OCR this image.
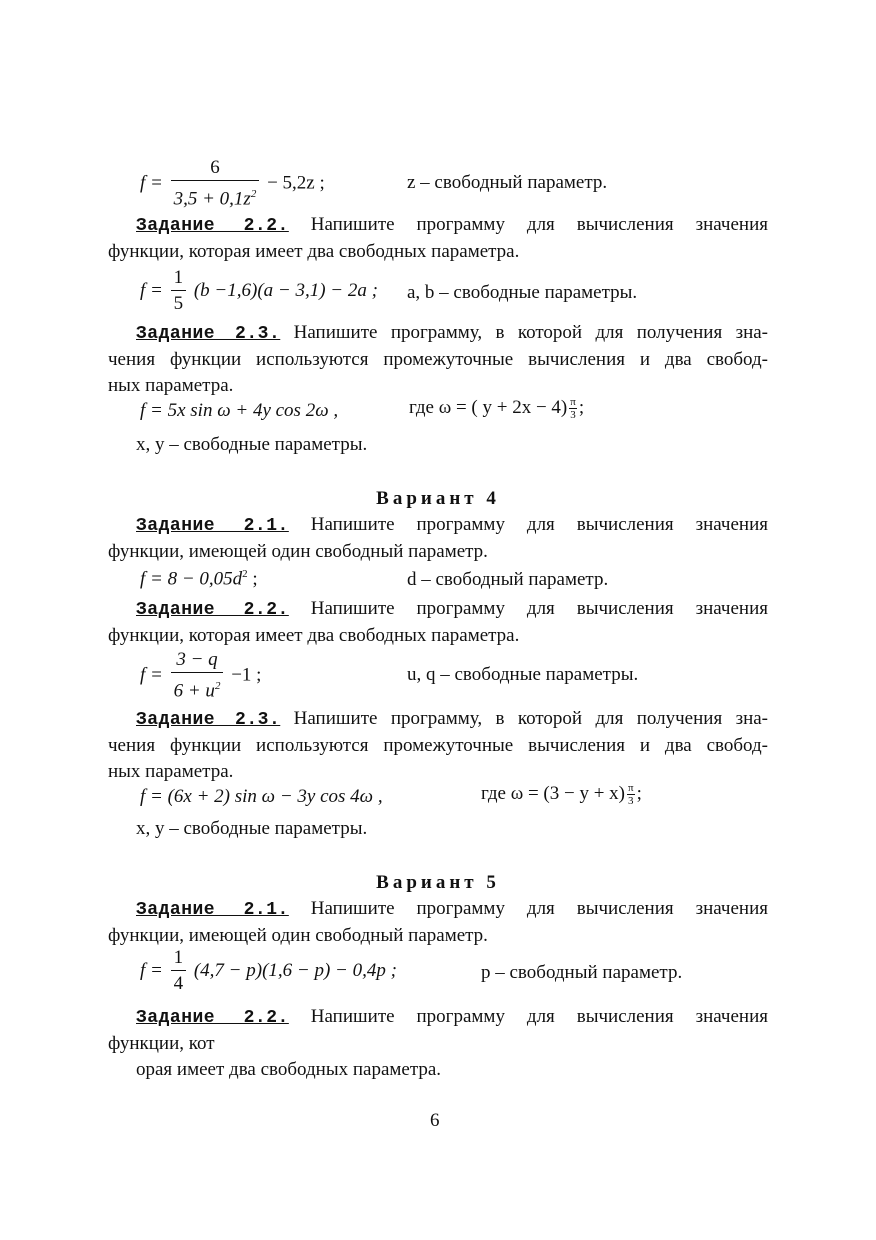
$f = \frac{6}{3,5 + 0,1z^2} - 5,2z$ ;	z – свободный параметр.

Задание 2.2. Напишите программу для вычисления значения

функции, которая имеет два свободных параметра.

$f = \frac{1}{5} (b -1,6)(a - 3,1) - 2a$ ; a, b – свободные параметры.

Задание 2.3. Напишите программу, в которой для получения зна-

чения функции используются промежуточные вычисления и два свобод-

ных параметра.

f = 5x sin ω + 4y cos 2ω ,	где ω = ( $y + 2x - 4) \frac{\pi}{3}$ ;
x, y – свободные параметры.
Вариант 4

Задание 2.1. Напишите программу для вычисления значения

функции, имеющей один свободный параметр.

$f = 8 - 0,05d^2$ ;	d – свободный параметр.

Задание 2.2. Напишите программу для вычисления значения

функции, которая имеет два свободных параметра.

$f = \frac{3 - q}{6 + u^2} -1$ ;	u, q – свободные параметры.

Задание 2.3. Напишите программу, в которой для получения зна-

чения функции используются промежуточные вычисления и два свобод-

ных параметра.

f = (6x + 2) sin ω − 3y cos 4ω ,	где $\omega = (3 - y + x) \frac{\pi}{3}$ ;
x, y – свободные параметры.
Вариант 5

Задание 2.1. Напишите программу для вычисления значения

функции, имеющей один свободный параметр.

$f = \frac{1}{4} (4,7 - p)(1,6 - p) - 0,4p$ ;	p – свободный параметр.

Задание 2.2. Напишите программу для вычисления значения

функции, кот

орая имеет два свободных параметра.

6
